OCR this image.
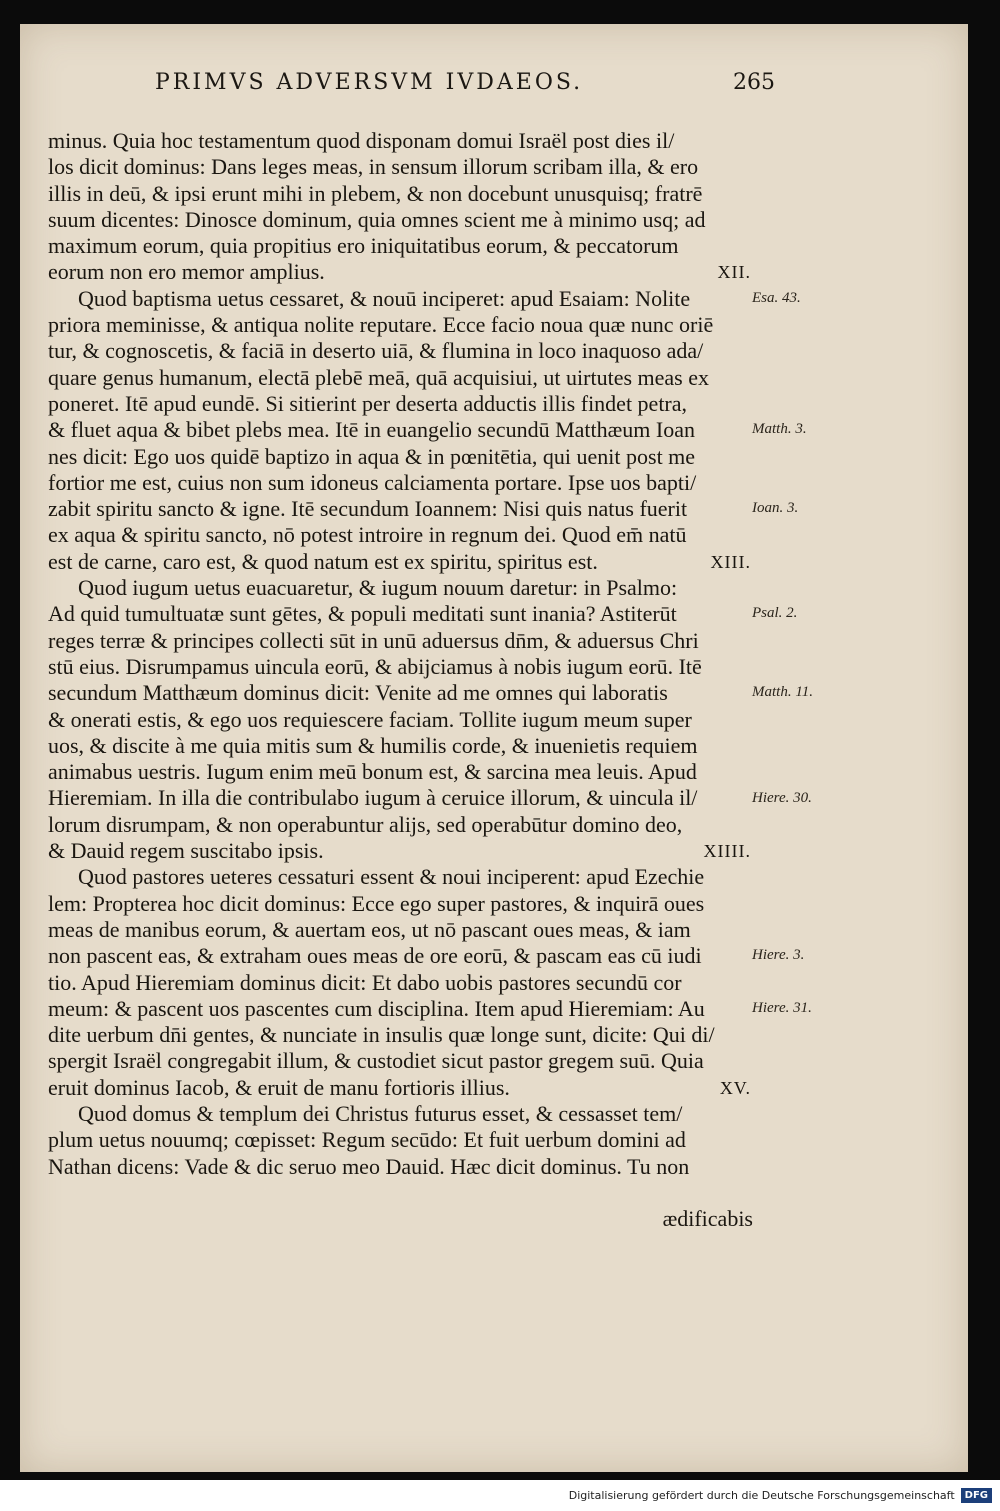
PRIMVS ADVERSVM IVDAEOS.	265
minus. Quia hoc testamentum quod disponam domui Israël post dies il/
los dicit dominus: Dans leges meas, in sensum illorum scribam illa, & ero
illis in deū, & ipsi erunt mihi in plebem, & non docebunt unusquisq; fratrē
suum dicentes: Dinosce dominum, quia omnes scient me à minimo usq; ad
maximum eorum, quia propitius ero iniquitatibus eorum, & peccatorum
XII.
eorum non ero memor amplius.
Quod baptisma uetus cessaret, & nouū inciperet: apud Esaiam: Nolite
priora meminisse, & antiqua nolite reputare. Ecce facio noua quæ nunc oriē
tur, & cognoscetis, & faciā in deserto uiā, & flumina in loco inaquoso ada/
quare genus humanum, electā plebē meā, quā acquisiui, ut uirtutes meas ex
poneret. Itē apud eundē. Si sitierint per deserta adductis illis findet petra,
& fluet aqua & bibet plebs mea. Itē in euangelio secundū Matthæum Ioan
nes dicit: Ego uos quidē baptizo in aqua & in pœnitētia, qui uenit post me
fortior me est, cuius non sum idoneus calciamenta portare. Ipse uos bapti/
zabit spiritu sancto & igne. Itē secundum Ioannem: Nisi quis natus fuerit
ex aqua & spiritu sancto, nō potest introire in regnum dei. Quod em̄ natū
XIII.
est de carne, caro est, & quod natum est ex spiritu, spiritus est.
Quod iugum uetus euacuaretur, & iugum nouum daretur: in Psalmo:
Ad quid tumultuatæ sunt gētes, & populi meditati sunt inania? Astiterūt
reges terræ & principes collecti sūt in unū aduersus dn̄m, & aduersus Chri
stū eius. Disrumpamus uincula eorū, & abijciamus à nobis iugum eorū. Itē
secundum Matthæum dominus dicit: Venite ad me omnes qui laboratis
& onerati estis, & ego uos requiescere faciam. Tollite iugum meum super
uos, & discite à me quia mitis sum & humilis corde, & inuenietis requiem
animabus uestris. Iugum enim meū bonum est, & sarcina mea leuis. Apud
Hieremiam. In illa die contribulabo iugum à ceruice illorum, & uincula il/
lorum disrumpam, & non operabuntur alijs, sed operabūtur domino deo,
XIIII.
& Dauid regem suscitabo ipsis.
Quod pastores ueteres cessaturi essent & noui inciperent: apud Ezechie
lem: Propterea hoc dicit dominus: Ecce ego super pastores, & inquirā oues
meas de manibus eorum, & auertam eos, ut nō pascant oues meas, & iam
non pascent eas, & extraham oues meas de ore eorū, & pascam eas cū iudi
tio. Apud Hieremiam dominus dicit: Et dabo uobis pastores secundū cor
meum: & pascent uos pascentes cum disciplina. Item apud Hieremiam: Au
dite uerbum dn̄i gentes, & nunciate in insulis quæ longe sunt, dicite: Qui di/
spergit Israël congregabit illum, & custodiet sicut pastor gregem suū. Quia
XV.
eruit dominus Iacob, & eruit de manu fortioris illius.
Quod domus & templum dei Christus futurus esset, & cessasset tem/
plum uetus nouumq; cœpisset: Regum secūdo: Et fuit uerbum domini ad
Nathan dicens: Vade & dic seruo meo Dauid. Hæc dicit dominus. Tu non
ædificabis
Esa. 43.
Matth. 3.
Ioan. 3.
Psal. 2.
Matth. 11.
Hiere. 30.
Hiere. 3.
Hiere. 31.
Digitalisierung gefördert durch die Deutsche Forschungsgemeinschaft	DFG
